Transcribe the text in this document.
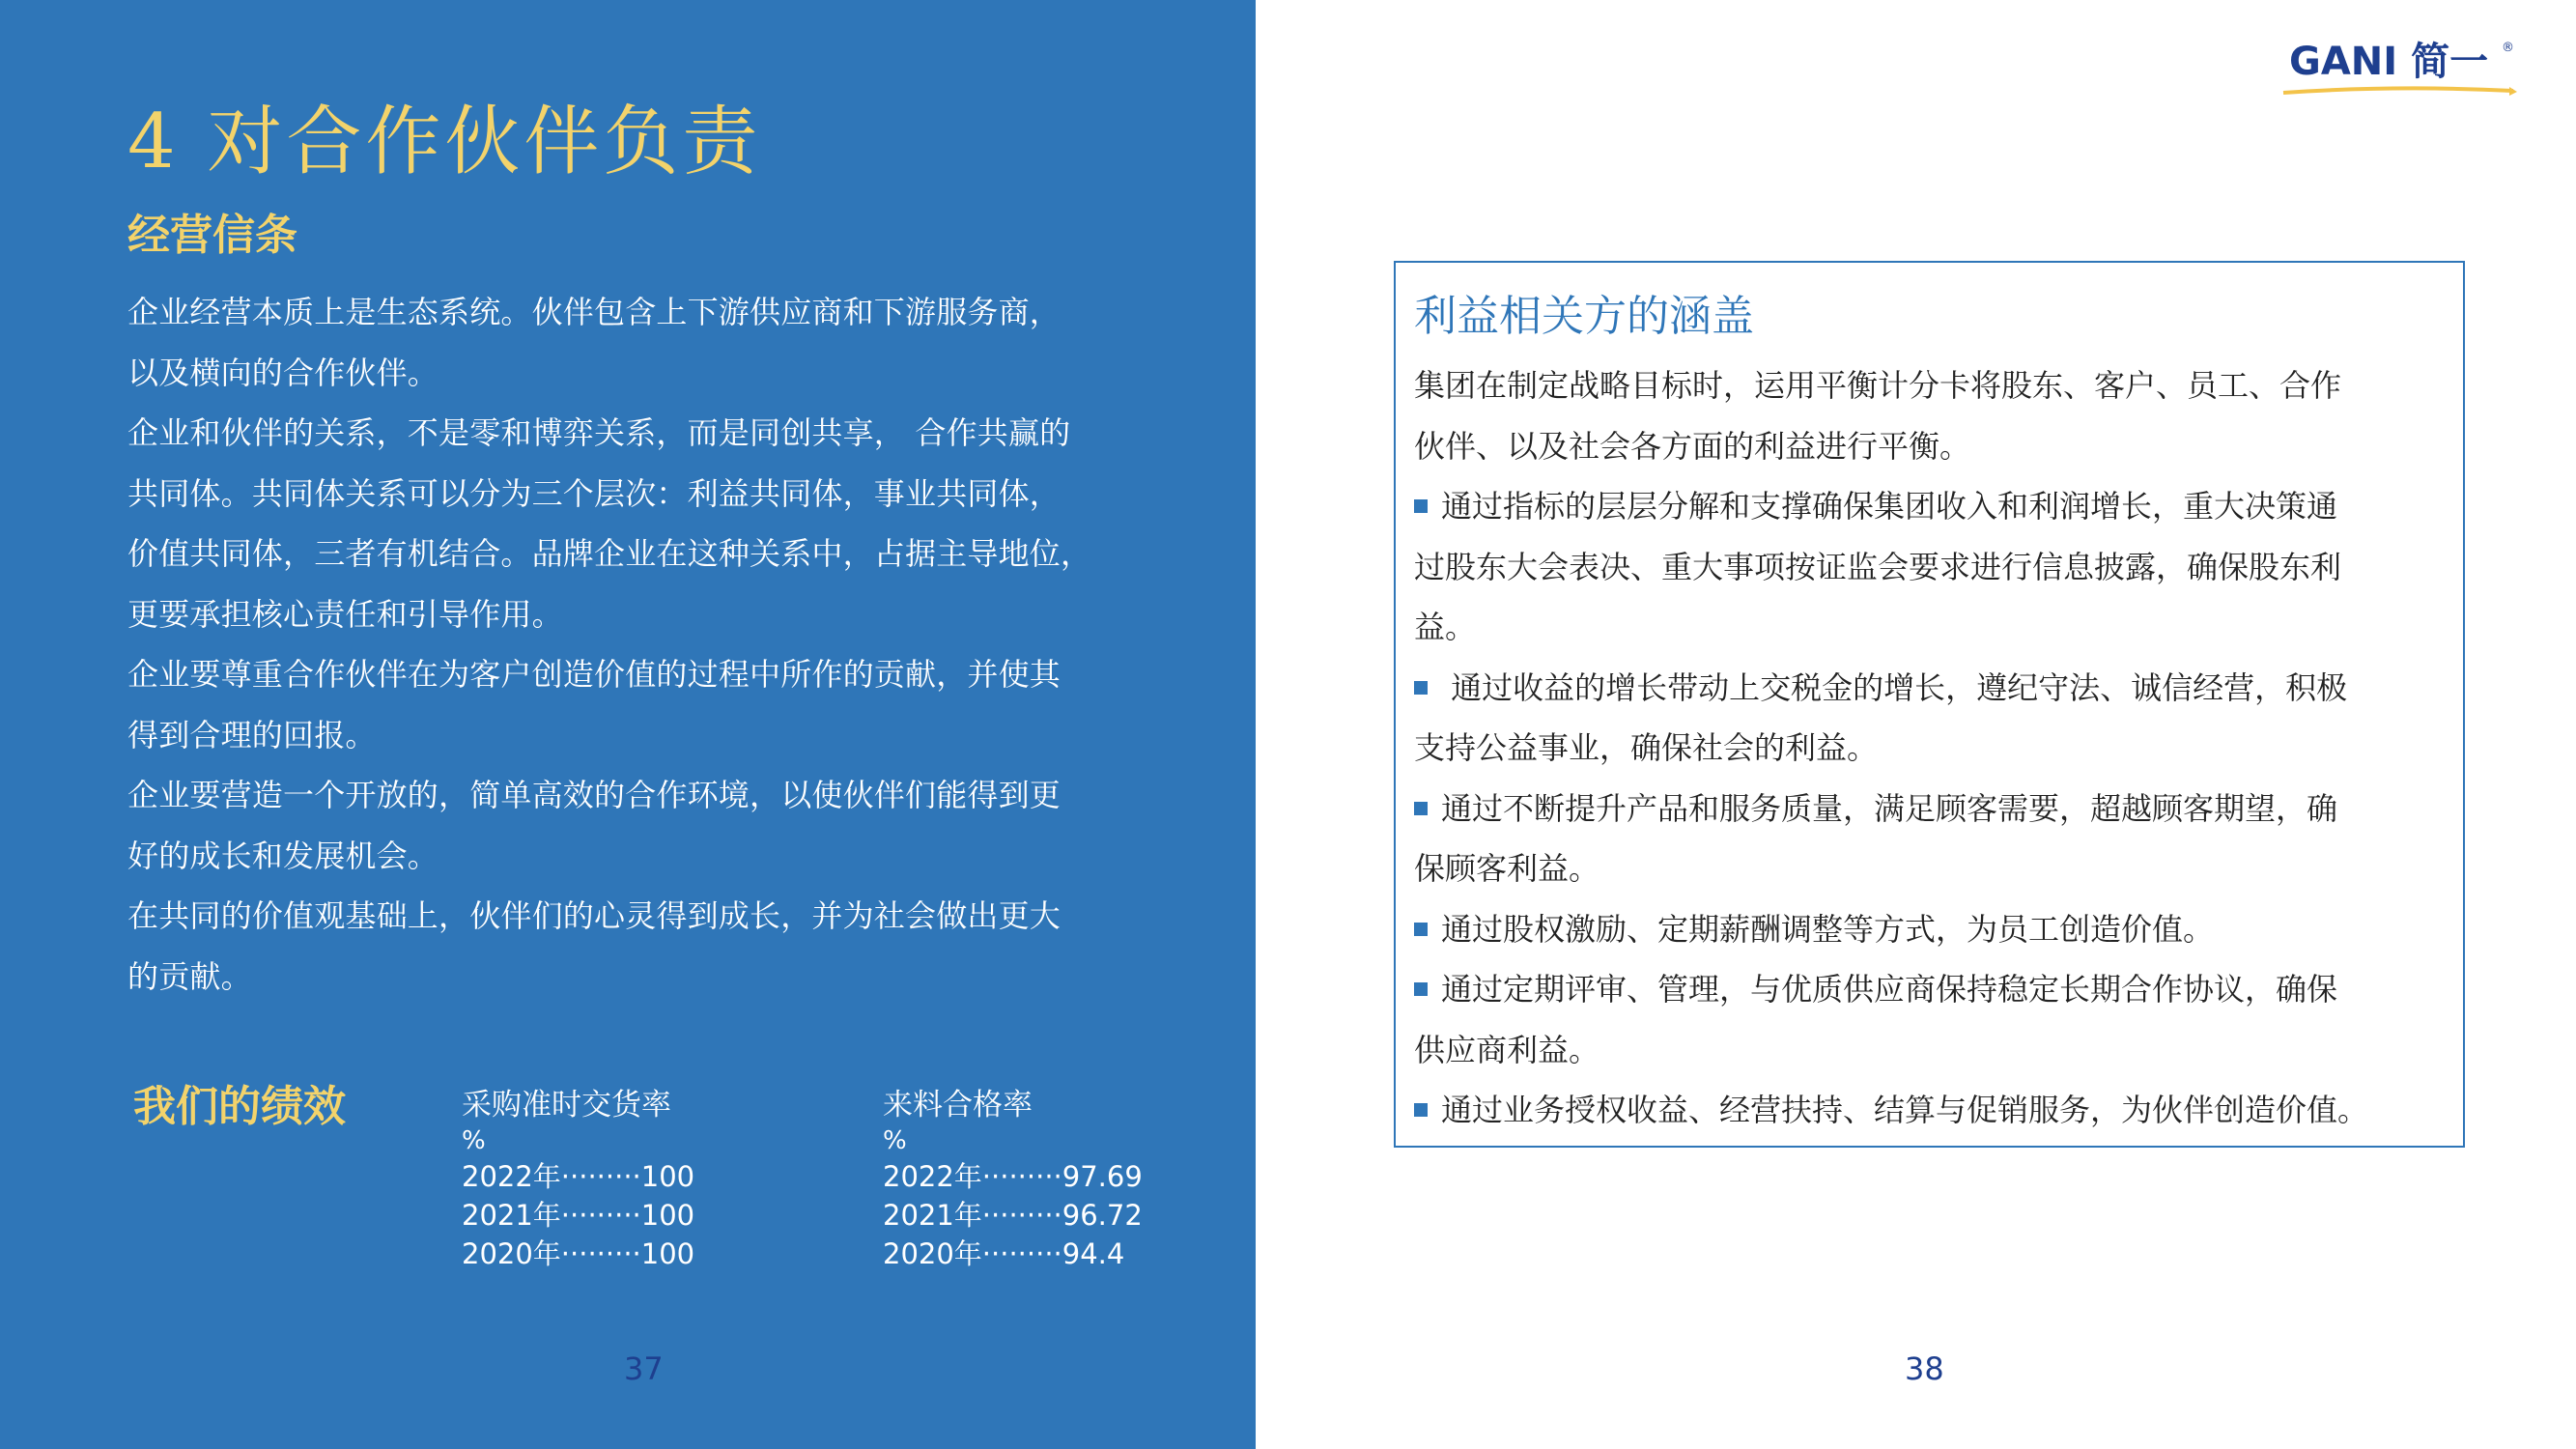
4 对合作伙伴负责
经营信条
企业经营本质上是生态系统。伙伴包含上下游供应商和下游服务商，
以及横向的合作伙伴。
企业和伙伴的关系，不是零和博弈关系，而是同创共享， 合作共赢的
共同体。共同体关系可以分为三个层次：利益共同体，事业共同体，
价值共同体，三者有机结合。品牌企业在这种关系中，占据主导地位，
更要承担核心责任和引导作用。
企业要尊重合作伙伴在为客户创造价值的过程中所作的贡献，并使其
得到合理的回报。
企业要营造一个开放的，简单高效的合作环境，以使伙伴们能得到更
好的成长和发展机会。
在共同的价值观基础上，伙伴们的心灵得到成长，并为社会做出更大
的贡献。
我们的绩效	采购准时交货率
%
2022年·········100
2021年·········100
2020年·········100
来料合格率
%
2022年·········97.69
2021年·········96.72
2020年·········94.4
37
GANI 简一 ®
利益相关方的涵盖
集团在制定战略目标时，运用平衡计分卡将股东、客户、员工、合作
伙伴、以及社会各方面的利益进行平衡。
通过指标的层层分解和支撑确保集团收入和利润增长，重大决策通
过股东大会表决、重大事项按证监会要求进行信息披露，确保股东利
益。
通过收益的增长带动上交税金的增长，遵纪守法、诚信经营，积极
支持公益事业，确保社会的利益。
通过不断提升产品和服务质量，满足顾客需要，超越顾客期望，确
保顾客利益。
通过股权激励、定期薪酬调整等方式，为员工创造价值。
通过定期评审、管理，与优质供应商保持稳定长期合作协议，确保
供应商利益。
通过业务授权收益、经营扶持、结算与促销服务，为伙伴创造价值。
38
